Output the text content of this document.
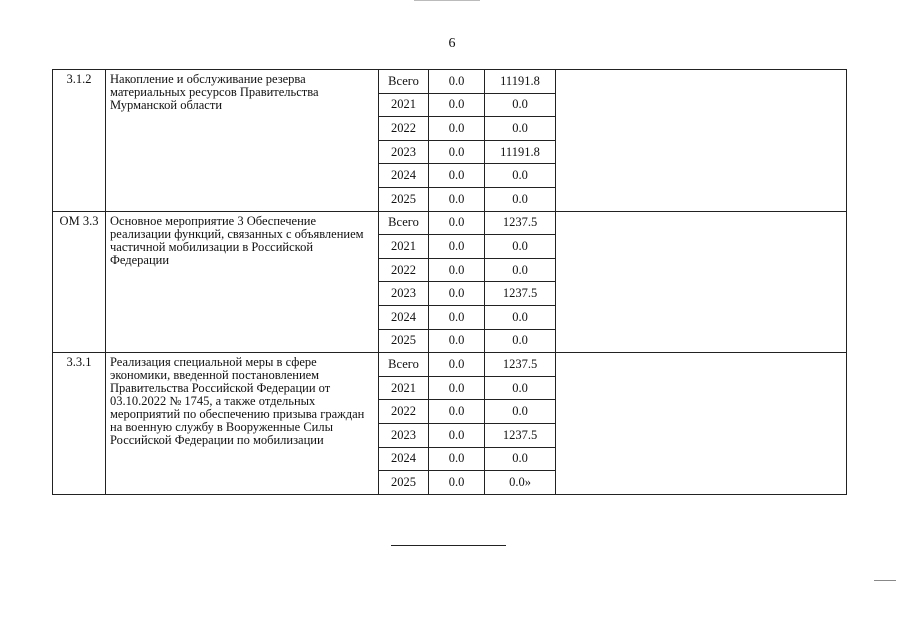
6
3.1.2	Накопление и обслуживание резерва материальных ресурсов Правительства Мурманской области	Всего	0.0	11191.8	
		2021	0.0	0.0	
		2022	0.0	0.0	
		2023	0.0	11191.8	
		2024	0.0	0.0	
		2025	0.0	0.0	
ОМ 3.3	Основное мероприятие 3 Обеспечение реализации функций, связанных с объявлением частичной мобилизации в Российской Федерации	Всего	0.0	1237.5	
		2021	0.0	0.0	
		2022	0.0	0.0	
		2023	0.0	1237.5	
		2024	0.0	0.0	
		2025	0.0	0.0	
3.3.1	Реализация специальной меры в сфере экономики, введенной постановлением Правительства Российской Федерации от 03.10.2022 № 1745, а также отдельных мероприятий по обеспечению призыва граждан на военную службу в Вооруженные Силы Российской Федерации по мобилизации	Всего	0.0	1237.5	
		2021	0.0	0.0	
		2022	0.0	0.0	
		2023	0.0	1237.5	
		2024	0.0	0.0	
		2025	0.0	0.0»	
